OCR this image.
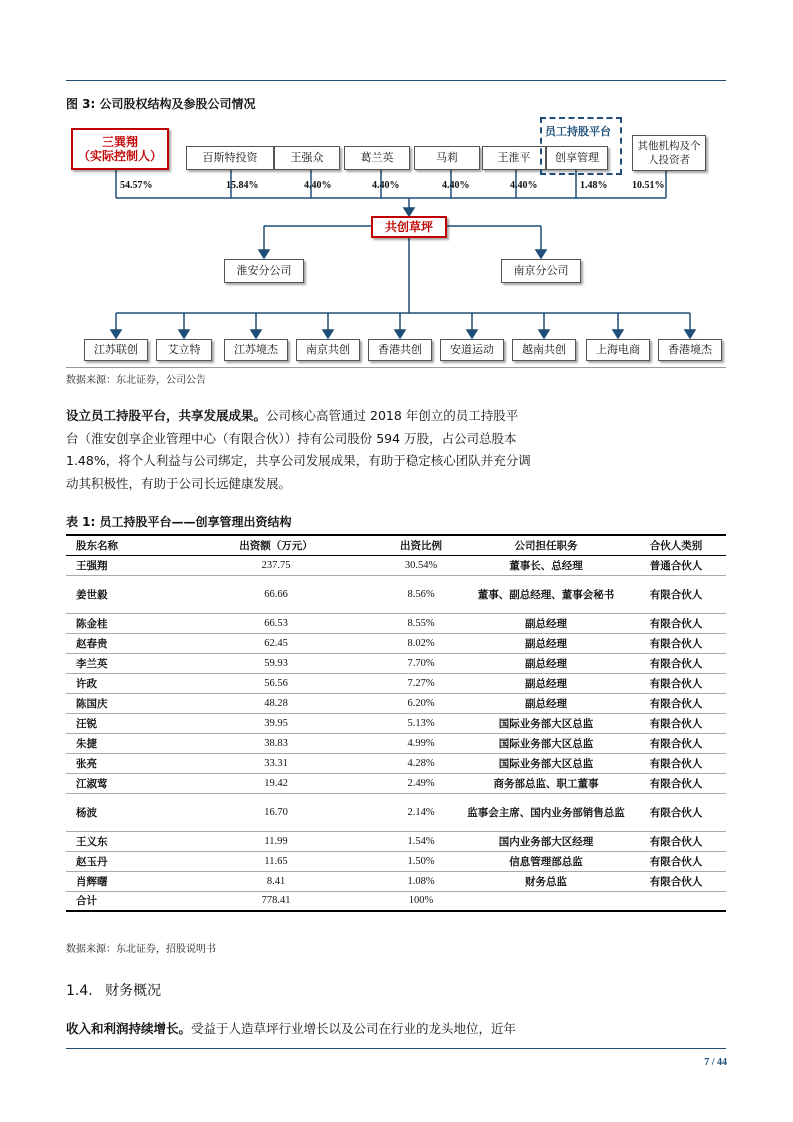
图 3: 公司股权结构及参股公司情况
三巽翔
（实际控制人）	百斯特投资	王强众	葛兰英	马莉	王淮平
员工持股平台
创享管理
其他机构及个人投资者
54.57%	15.84%	4.40%	4.40%	4.40%	4.40%	1.48% 10.51%
共创草坪
淮安分公司	南京分公司
江苏联创	艾立特	江苏境杰	南京共创	香港共创	安道运动	越南共创	上海电商	香港境杰
数据来源：东北证券，公司公告
设立员工持股平台，共享发展成果。公司核心高管通过 2018 年创立的员工持股平
台（淮安创享企业管理中心（有限合伙））持有公司股份 594 万股，占公司总股本
1.48%，将个人利益与公司绑定，共享公司发展成果，有助于稳定核心团队并充分调
动其积极性，有助于公司长远健康发展。
表 1: 员工持股平台——创享管理出资结构
股东名称	出资额（万元）	出资比例	公司担任职务	合伙人类别
王强翔	237.75	30.54%	董事长、总经理	普通合伙人
姜世毅	66.66	8.56%	董事、副总经理、董事会秘书	有限合伙人
陈金桂	66.53	8.55%	副总经理	有限合伙人
赵春贵	62.45	8.02%	副总经理	有限合伙人
李兰英	59.93	7.70%	副总经理	有限合伙人
许政	56.56	7.27%	副总经理	有限合伙人
陈国庆	48.28	6.20%	副总经理	有限合伙人
汪锐	39.95	5.13%	国际业务部大区总监	有限合伙人
朱捷	38.83	4.99%	国际业务部大区总监	有限合伙人
张亮	33.31	4.28%	国际业务部大区总监	有限合伙人
江淑莺	19.42	2.49%	商务部总监、职工董事	有限合伙人
杨波	16.70	2.14%	监事会主席、国内业务部销售总监	有限合伙人
王义东	11.99	1.54%	国内业务部大区经理	有限合伙人
赵玉丹	11.65	1.50%	信息管理部总监	有限合伙人
肖辉曙	8.41	1.08%	财务总监	有限合伙人
合计	778.41	100%		
数据来源：东北证券，招股说明书
1.4. 财务概况
收入和利润持续增长。受益于人造草坪行业增长以及公司在行业的龙头地位，近年
7 / 44
